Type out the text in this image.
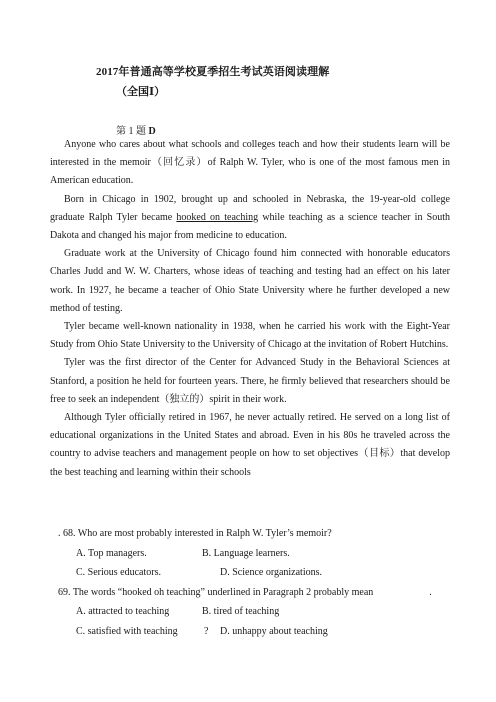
2017年普通高等学校夏季招生考试英语阅读理解
（全国Ⅰ）
第 1 题 D

Anyone who cares about what schools and colleges teach and how their students learn will be interested in the memoir（回忆录）of Ralph W. Tyler, who is one of the most famous men in American education.

Born in Chicago in 1902, brought up and schooled in Nebraska, the 19-year-old college graduate Ralph Tyler became hooked on teaching while teaching as a science teacher in South Dakota and changed his major from medicine to education.

Graduate work at the University of Chicago found him connected with honorable educators Charles Judd and W. W. Charters, whose ideas of teaching and testing had an effect on his later work. In 1927, he became a teacher of Ohio State University where he further developed a new method of testing.

Tyler became well-known nationality in 1938, when he carried his work with the Eight-Year Study from Ohio State University to the University of Chicago at the invitation of Robert Hutchins.

Tyler was the first director of the Center for Advanced Study in the Behavioral Sciences at Stanford, a position he held for fourteen years. There, he firmly believed that researchers should be free to seek an independent（独立的）spirit in their work.

Although Tyler officially retired in 1967, he never actually retired. He served on a long list of educational organizations in the United States and abroad. Even in his 80s he traveled across the country to advise teachers and management people on how to set objectives（目标）that develop the best teaching and learning within their schools

. 68. Who are most probably interested in Ralph W. Tyler’s memoir?
A. Top managers.	B. Language learners.
C. Serious educators.	D. Science organizations.
69. The words “hooked oh teaching” underlined in Paragraph 2 probably mean	.
A. attracted to teaching	B. tired of teaching
C. satisfied with teaching	? D. unhappy about teaching
